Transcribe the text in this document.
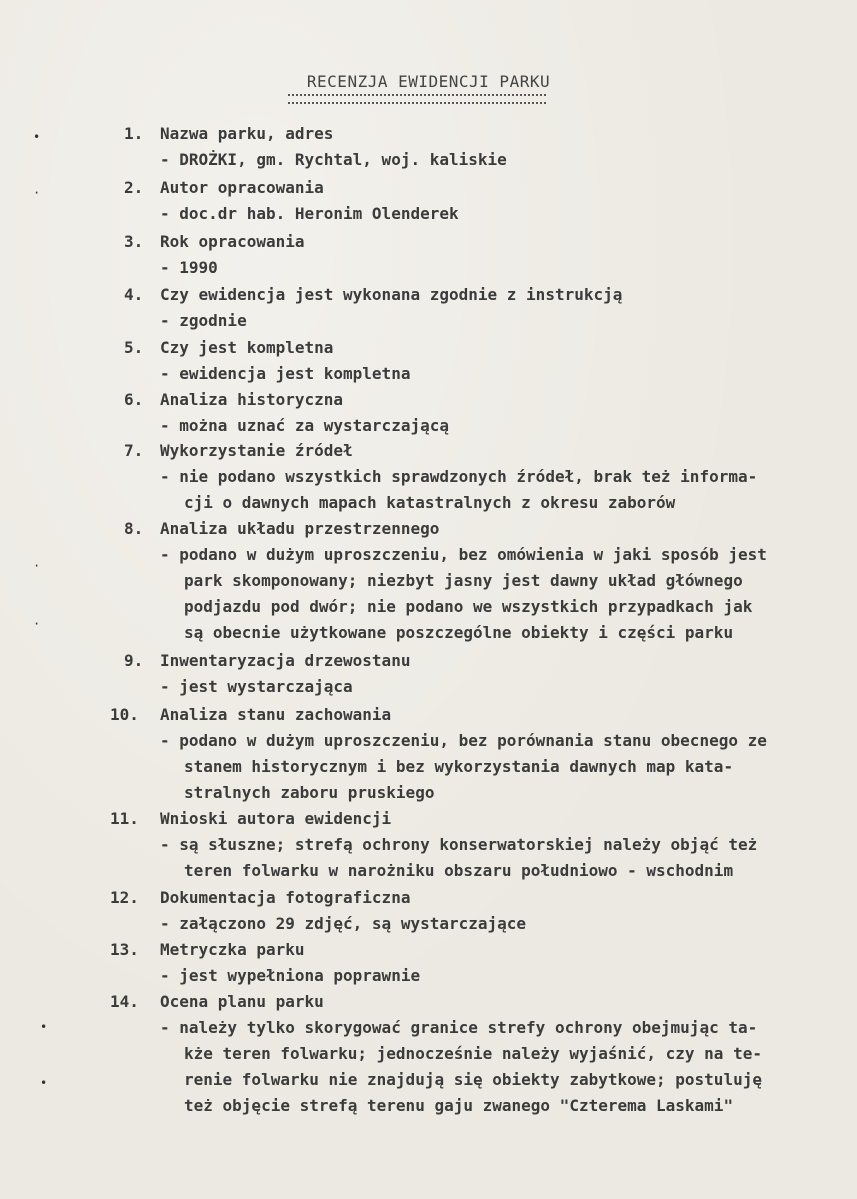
RECENZJA EWIDENCJI PARKU
•
·
·
·
•
•
1. Nazwa parku, adres
- DROŻKI, gm. Rychtal, woj. kaliskie
2. Autor opracowania
- doc.dr hab. Heronim Olenderek
3. Rok opracowania
- 1990
4. Czy ewidencja jest wykonana zgodnie z instrukcją
- zgodnie
5. Czy jest kompletna
- ewidencja jest kompletna
6. Analiza historyczna
- można uznać za wystarczającą
7. Wykorzystanie źródeł
- nie podano wszystkich sprawdzonych źródeł, brak też informa-
cji o dawnych mapach katastralnych z okresu zaborów
8. Analiza układu przestrzennego
- podano w dużym uproszczeniu, bez omówienia w jaki sposób jest
park skomponowany; niezbyt jasny jest dawny układ głównego
podjazdu pod dwór; nie podano we wszystkich przypadkach jak
są obecnie użytkowane poszczególne obiekty i części parku
9. Inwentaryzacja drzewostanu
- jest wystarczająca
10. Analiza stanu zachowania
- podano w dużym uproszczeniu, bez porównania stanu obecnego ze
stanem historycznym i bez wykorzystania dawnych map kata-
stralnych zaboru pruskiego
11. Wnioski autora ewidencji
- są słuszne; strefą ochrony konserwatorskiej należy objąć też
teren folwarku w narożniku obszaru południowo - wschodnim
12. Dokumentacja fotograficzna
- załączono 29 zdjęć, są wystarczające
13. Metryczka parku
- jest wypełniona poprawnie
14. Ocena planu parku
- należy tylko skorygować granice strefy ochrony obejmując ta-
kże teren folwarku; jednocześnie należy wyjaśnić, czy na te-
renie folwarku nie znajdują się obiekty zabytkowe; postuluję
też objęcie strefą terenu gaju zwanego "Czterema Laskami"
